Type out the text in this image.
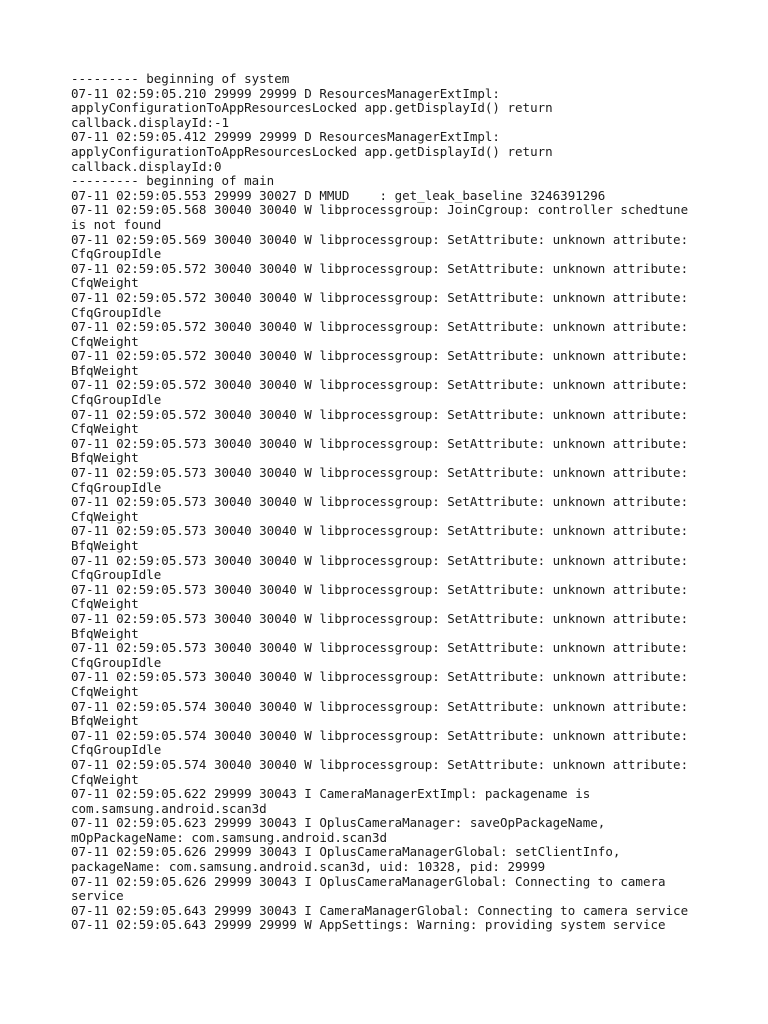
--------- beginning of system
07-11 02:59:05.210 29999 29999 D ResourcesManagerExtImpl:
applyConfigurationToAppResourcesLocked app.getDisplayId() return
callback.displayId:-1
07-11 02:59:05.412 29999 29999 D ResourcesManagerExtImpl:
applyConfigurationToAppResourcesLocked app.getDisplayId() return
callback.displayId:0
--------- beginning of main
07-11 02:59:05.553 29999 30027 D MMUD    : get_leak_baseline 3246391296
07-11 02:59:05.568 30040 30040 W libprocessgroup: JoinCgroup: controller schedtune
is not found
07-11 02:59:05.569 30040 30040 W libprocessgroup: SetAttribute: unknown attribute:
CfqGroupIdle
07-11 02:59:05.572 30040 30040 W libprocessgroup: SetAttribute: unknown attribute:
CfqWeight
07-11 02:59:05.572 30040 30040 W libprocessgroup: SetAttribute: unknown attribute:
CfqGroupIdle
07-11 02:59:05.572 30040 30040 W libprocessgroup: SetAttribute: unknown attribute:
CfqWeight
07-11 02:59:05.572 30040 30040 W libprocessgroup: SetAttribute: unknown attribute:
BfqWeight
07-11 02:59:05.572 30040 30040 W libprocessgroup: SetAttribute: unknown attribute:
CfqGroupIdle
07-11 02:59:05.572 30040 30040 W libprocessgroup: SetAttribute: unknown attribute:
CfqWeight
07-11 02:59:05.573 30040 30040 W libprocessgroup: SetAttribute: unknown attribute:
BfqWeight
07-11 02:59:05.573 30040 30040 W libprocessgroup: SetAttribute: unknown attribute:
CfqGroupIdle
07-11 02:59:05.573 30040 30040 W libprocessgroup: SetAttribute: unknown attribute:
CfqWeight
07-11 02:59:05.573 30040 30040 W libprocessgroup: SetAttribute: unknown attribute:
BfqWeight
07-11 02:59:05.573 30040 30040 W libprocessgroup: SetAttribute: unknown attribute:
CfqGroupIdle
07-11 02:59:05.573 30040 30040 W libprocessgroup: SetAttribute: unknown attribute:
CfqWeight
07-11 02:59:05.573 30040 30040 W libprocessgroup: SetAttribute: unknown attribute:
BfqWeight
07-11 02:59:05.573 30040 30040 W libprocessgroup: SetAttribute: unknown attribute:
CfqGroupIdle
07-11 02:59:05.573 30040 30040 W libprocessgroup: SetAttribute: unknown attribute:
CfqWeight
07-11 02:59:05.574 30040 30040 W libprocessgroup: SetAttribute: unknown attribute:
BfqWeight
07-11 02:59:05.574 30040 30040 W libprocessgroup: SetAttribute: unknown attribute:
CfqGroupIdle
07-11 02:59:05.574 30040 30040 W libprocessgroup: SetAttribute: unknown attribute:
CfqWeight
07-11 02:59:05.622 29999 30043 I CameraManagerExtImpl: packagename is
com.samsung.android.scan3d
07-11 02:59:05.623 29999 30043 I OplusCameraManager: saveOpPackageName,
mOpPackageName: com.samsung.android.scan3d
07-11 02:59:05.626 29999 30043 I OplusCameraManagerGlobal: setClientInfo,
packageName: com.samsung.android.scan3d, uid: 10328, pid: 29999
07-11 02:59:05.626 29999 30043 I OplusCameraManagerGlobal: Connecting to camera
service
07-11 02:59:05.643 29999 30043 I CameraManagerGlobal: Connecting to camera service
07-11 02:59:05.643 29999 29999 W AppSettings: Warning: providing system service
